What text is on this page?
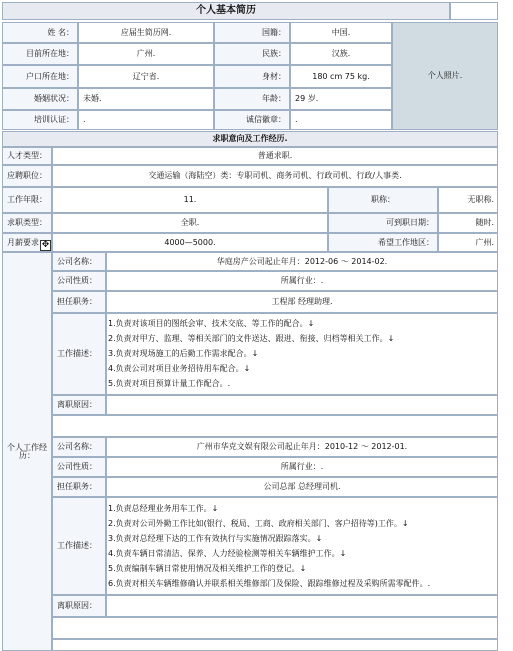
个人基本简历
姓 名：	应届生简历网.	国籍：	中国.
目前所在地：	广州.	民族：	汉族.
户口所在地：	辽宁省.	身材：	180 cm 75 kg.
婚姻状况：	未婚.	年龄：	29 岁.
培训认证：	.	诚信徽章：	.
个人照片.
求职意向及工作经历.
人才类型：	普通求职.
应聘职位：	交通运输（海陆空）类：专职司机、商务司机、行政司机、行政/人事类.
工作年限：	11.	职称：	无职称.
求职类型：	全职.	可到职日期：	随时.
月薪要求	4000—5000.	希望工作地区：	广州.
✥
个人工作经历：
公司名称：	华庭房产公司起止年月：2012-06 ～ 2014-02.
公司性质：	所属行业：.
担任职务：	工程部 经理助理.
工作描述：
1.负责对该项目的图纸会审、技术交底、等工作的配合。↓
2.负责对甲方、监理、等相关部门的文件送达、跟进、衔接、归档等相关工作。↓
3.负责对现场施工的后勤工作需求配合。↓
4.负责公司对项目业务招待用车配合。↓
5.负责对项目预算计量工作配合。.
离职原因：
公司名称：	广州市华克文娱有限公司起止年月：2010-12 ～ 2012-01.
公司性质：	所属行业：.
担任职务：	公司总部 总经理司机.
工作描述：
1.负责总经理业务用车工作。↓
2.负责对公司外勤工作比如(银行、税局、工商、政府相关部门、客户招待等)工作。↓
3.负责对总经理下达的工作有效执行与实施情况跟踪落实。↓
4.负责车辆日常清洁、保养、人力经验检测等相关车辆维护工作。↓
5.负责编制车辆日常使用情况及相关维护工作的登记。↓
6.负责对相关车辆维修确认并联系相关维修部门及保险、跟踪维修过程及采购所需零配件。.
离职原因：
